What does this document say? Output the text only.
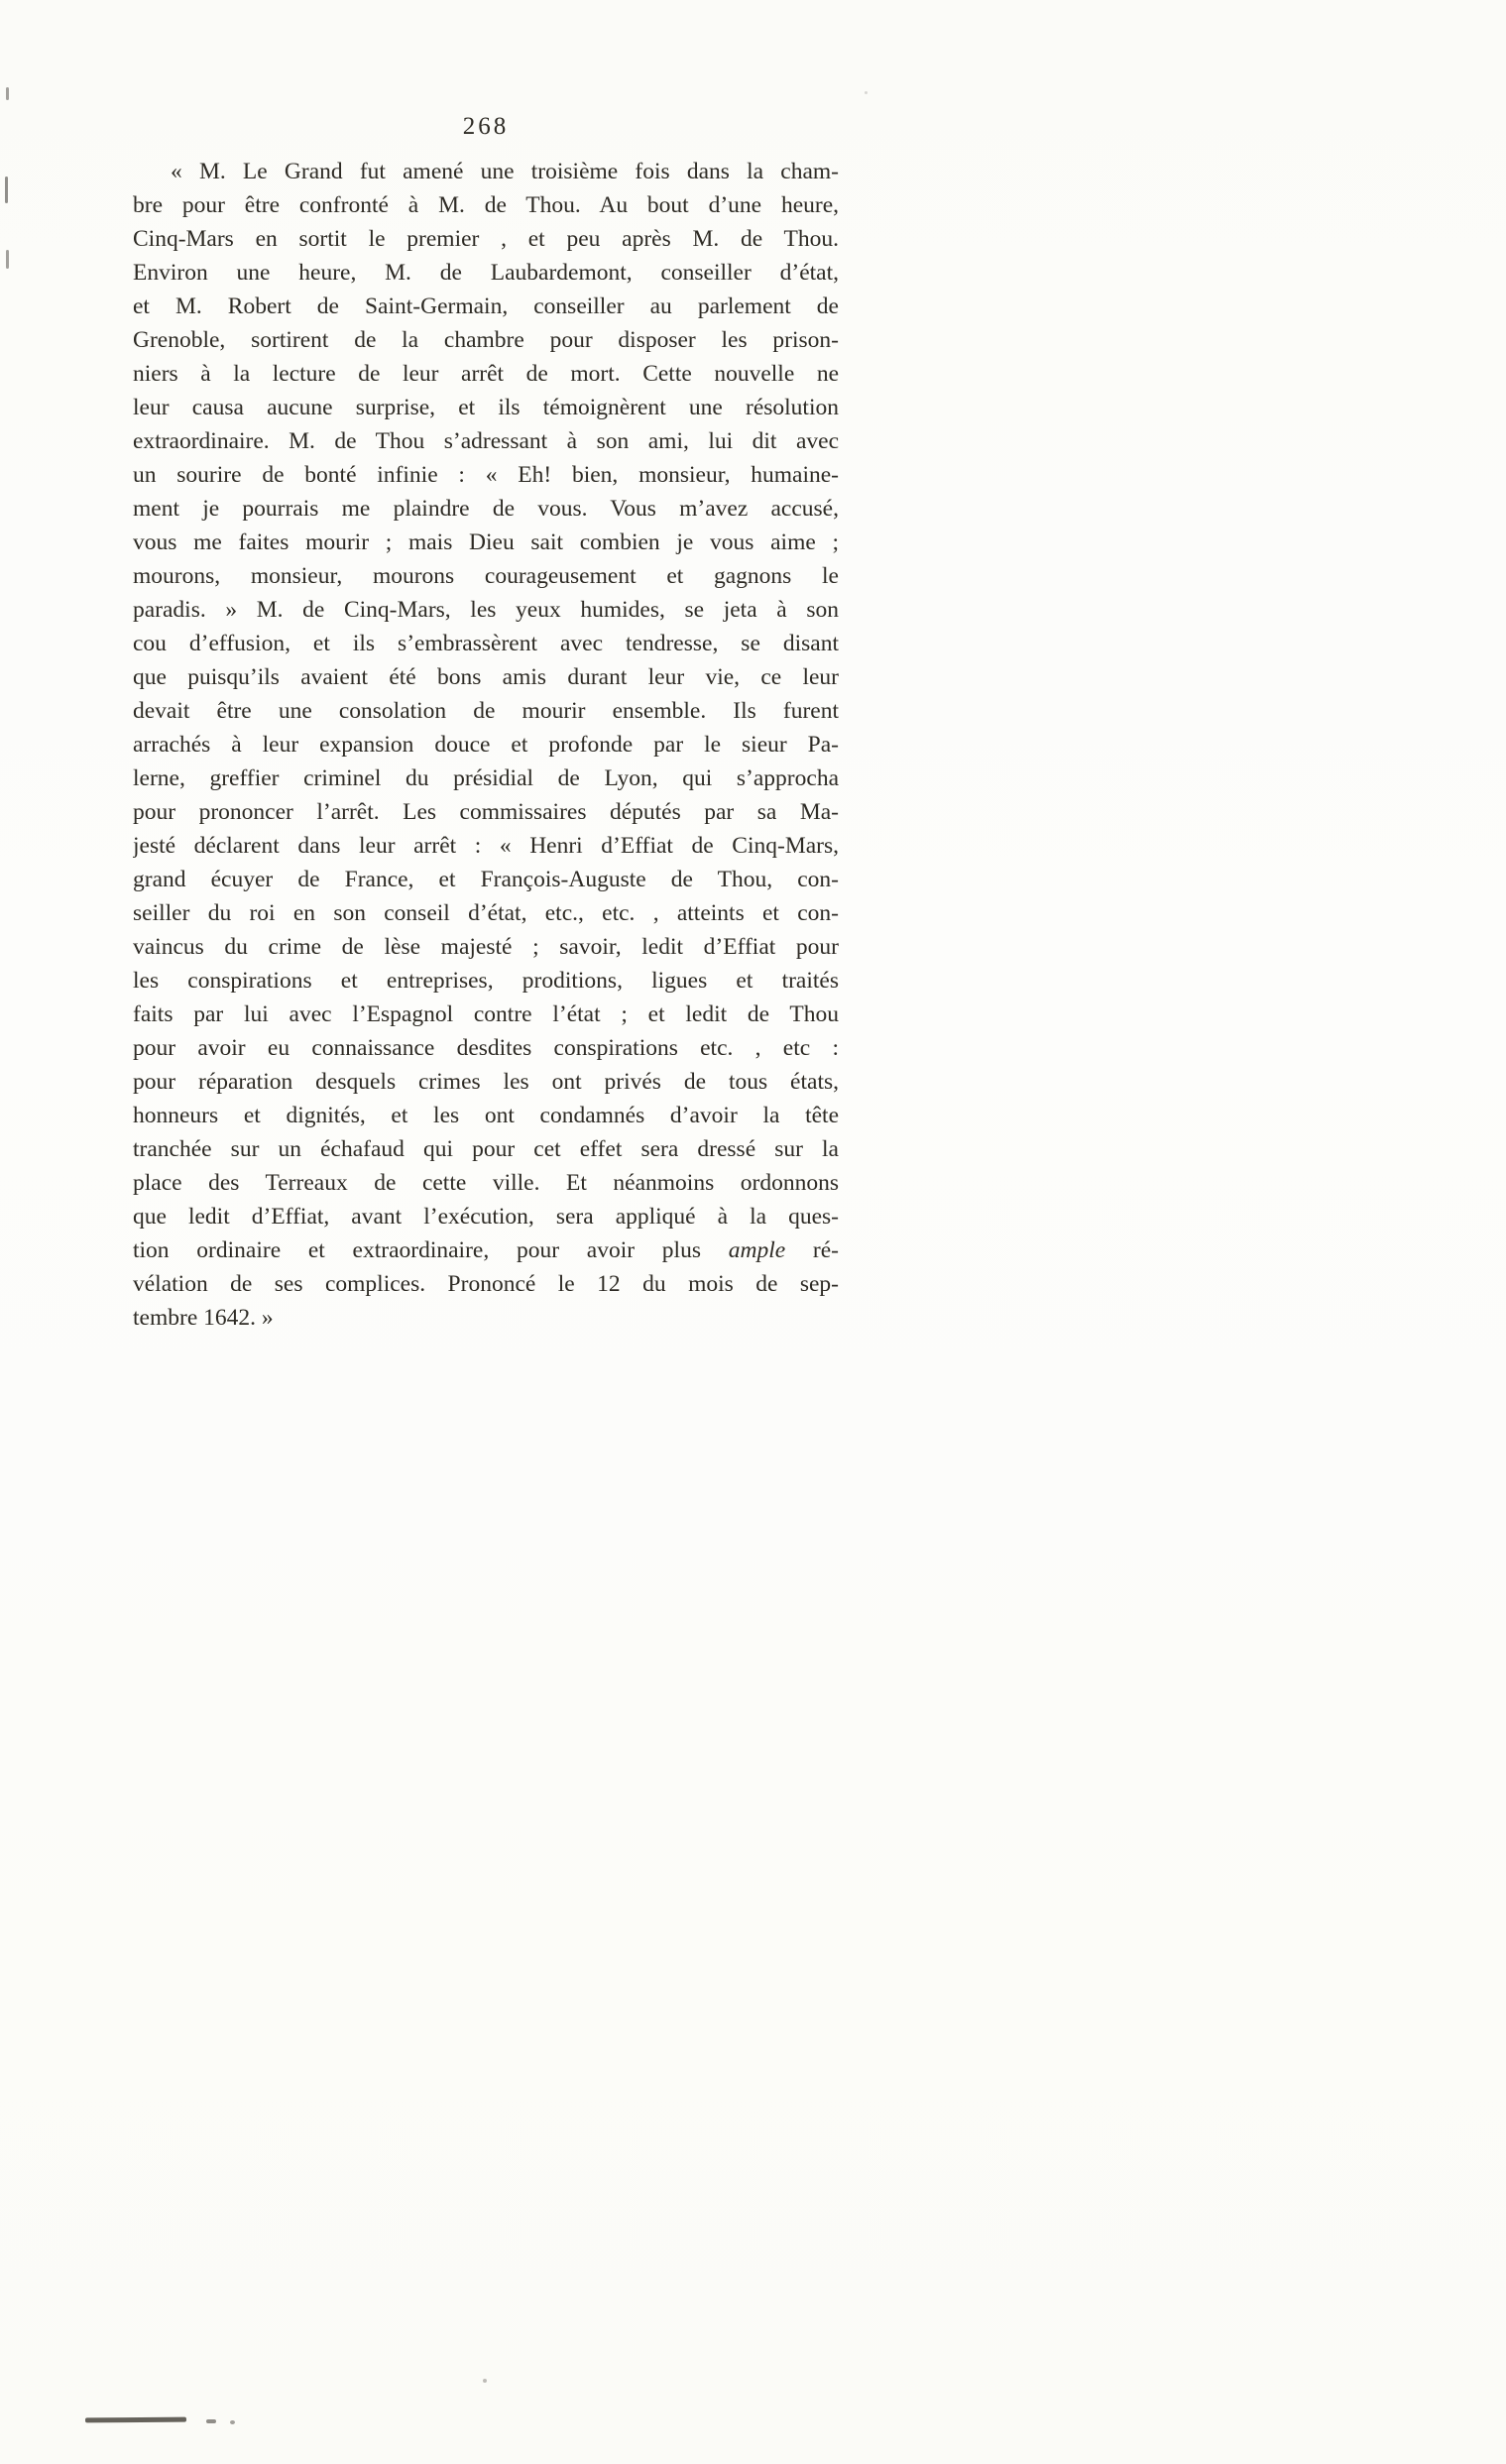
268
« M. Le Grand fut amené une troisième fois dans la cham-
bre pour être confronté à M. de Thou. Au bout d’une heure,
Cinq-Mars en sortit le premier , et peu après M. de Thou.
Environ une heure, M. de Laubardemont, conseiller d’état,
et M. Robert de Saint-Germain, conseiller au parlement de
Grenoble, sortirent de la chambre pour disposer les prison-
niers à la lecture de leur arrêt de mort. Cette nouvelle ne
leur causa aucune surprise, et ils témoignèrent une résolution
extraordinaire. M. de Thou s’adressant à son ami, lui dit avec
un sourire de bonté infinie : « Eh! bien, monsieur, humaine-
ment je pourrais me plaindre de vous. Vous m’avez accusé,
vous me faites mourir ; mais Dieu sait combien je vous aime ;
mourons, monsieur, mourons courageusement et gagnons le
paradis. » M. de Cinq-Mars, les yeux humides, se jeta à son
cou d’effusion, et ils s’embrassèrent avec tendresse, se disant
que puisqu’ils avaient été bons amis durant leur vie, ce leur
devait être une consolation de mourir ensemble. Ils furent
arrachés à leur expansion douce et profonde par le sieur Pa-
lerne, greffier criminel du présidial de Lyon, qui s’approcha
pour prononcer l’arrêt. Les commissaires députés par sa Ma-
jesté déclarent dans leur arrêt : « Henri d’Effiat de Cinq-Mars,
grand écuyer de France, et François-Auguste de Thou, con-
seiller du roi en son conseil d’état, etc., etc. , atteints et con-
vaincus du crime de lèse majesté ; savoir, ledit d’Effiat pour
les conspirations et entreprises, proditions, ligues et traités
faits par lui avec l’Espagnol contre l’état ; et ledit de Thou
pour avoir eu connaissance desdites conspirations etc. , etc :
pour réparation desquels crimes les ont privés de tous états,
honneurs et dignités, et les ont condamnés d’avoir la tête
tranchée sur un échafaud qui pour cet effet sera dressé sur la
place des Terreaux de cette ville. Et néanmoins ordonnons
que ledit d’Effiat, avant l’exécution, sera appliqué à la ques-
tion ordinaire et extraordinaire, pour avoir plus ample ré-
vélation de ses complices. Prononcé le 12 du mois de sep-
tembre 1642. »
